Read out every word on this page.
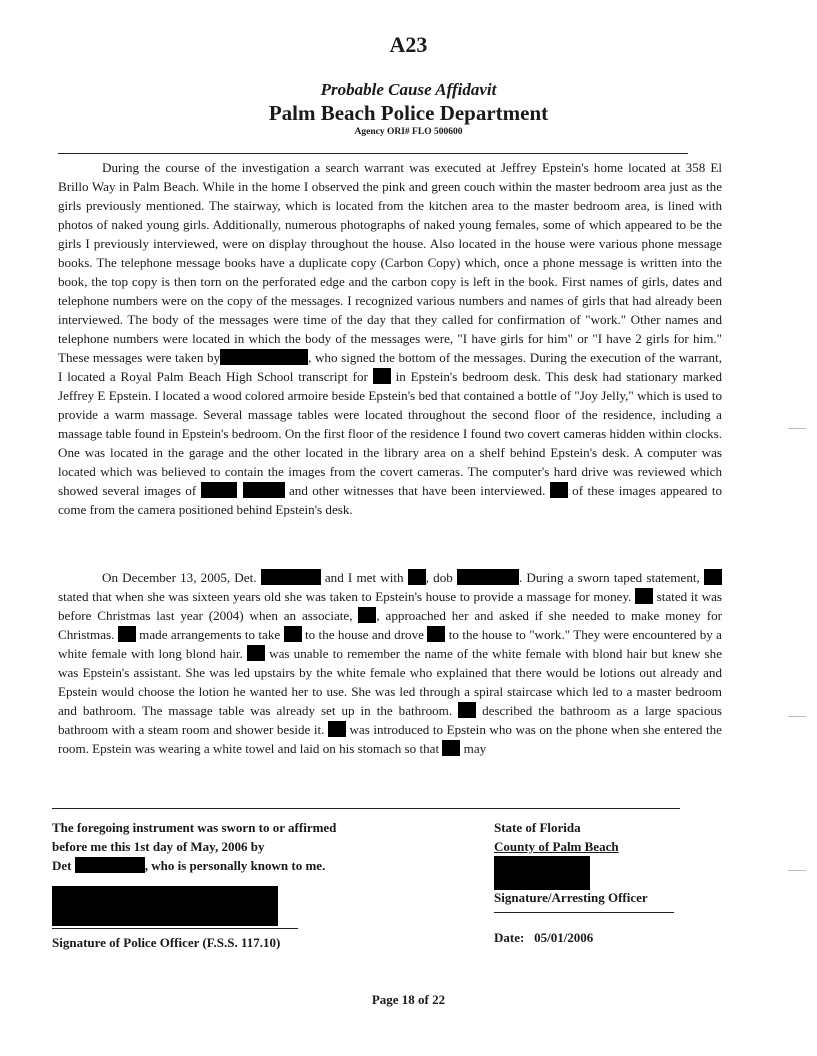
A23
Probable Cause Affidavit
Palm Beach Police Department
Agency ORI# FLO 500600
During the course of the investigation a search warrant was executed at Jeffrey Epstein's home located at 358 El Brillo Way in Palm Beach. While in the home I observed the pink and green couch within the master bedroom area just as the girls previously mentioned. The stairway, which is located from the kitchen area to the master bedroom area, is lined with photos of naked young girls. Additionally, numerous photographs of naked young females, some of which appeared to be the girls I previously interviewed, were on display throughout the house. Also located in the house were various phone message books. The telephone message books have a duplicate copy (Carbon Copy) which, once a phone message is written into the book, the top copy is then torn on the perforated edge and the carbon copy is left in the book. First names of girls, dates and telephone numbers were on the copy of the messages. I recognized various numbers and names of girls that had already been interviewed. The body of the messages were time of the day that they called for confirmation of "work." Other names and telephone numbers were located in which the body of the messages were, "I have girls for him" or "I have 2 girls for him." These messages were taken by	, who signed the bottom of the messages. During the execution of the warrant, I located a Royal Palm Beach High School transcript for in Epstein's bedroom desk. This desk had stationary marked Jeffrey E Epstein. I located a wood colored armoire beside Epstein's bed that contained a bottle of "Joy Jelly," which is used to provide a warm massage. Several massage tables were located throughout the second floor of the residence, including a massage table found in Epstein's bedroom. On the first floor of the residence I found two covert cameras hidden within clocks. One was located in the garage and the other located in the library area on a shelf behind Epstein's desk. A computer was located which was believed to contain the images from the covert cameras. The computer's hard drive was reviewed which showed several images of	and other witnesses that have been interviewed. of these images appeared to come from the camera positioned behind Epstein's desk.
On December 13, 2005, Det.	and I met with , dob	. During a sworn taped statement,  stated that when she was sixteen years old she was taken to Epstein's house to provide a massage for money. stated it was before Christmas last year (2004) when an associate, , approached her and asked if she needed to make money for Christmas. made arrangements to take to the house and drove to the house to "work." They were encountered by a white female with long blond hair. was unable to remember the name of the white female with blond hair but knew she was Epstein's assistant. She was led upstairs by the white female who explained that there would be lotions out already and Epstein would choose the lotion he wanted her to use. She was led through a spiral staircase which led to a master bedroom and bathroom. The massage table was already set up in the bathroom. described the bathroom as a large spacious bathroom with a steam room and shower beside it. was introduced to Epstein who was on the phone when she entered the room. Epstein was wearing a white towel and laid on his stomach so that may
The foregoing instrument was sworn to or affirmed
before me this 1st day of May, 2006 by
Det	, who is personally known to me.
State of Florida
County of Palm Beach
Signature/Arresting Officer
Signature of Police Officer (F.S.S. 117.10)	Date: 05/01/2006
Page 18 of 22
